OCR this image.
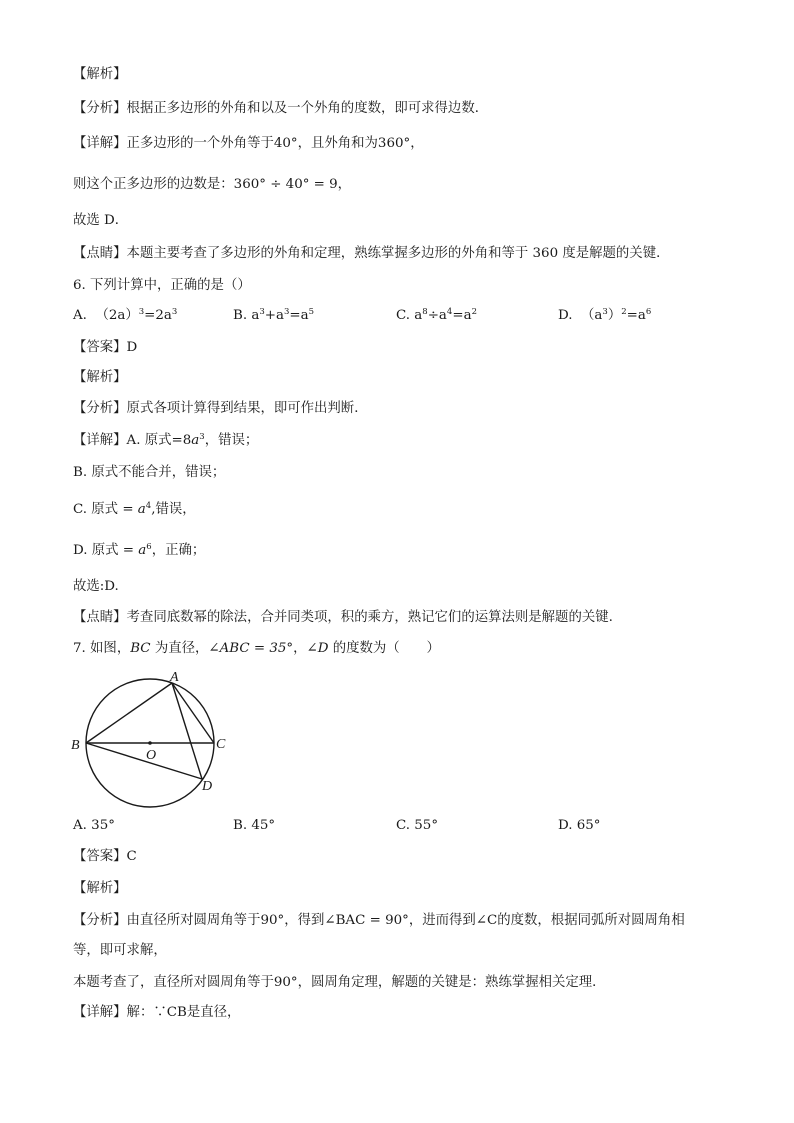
【解析】
【分析】根据正多边形的外角和以及一个外角的度数，即可求得边数．
【详解】正多边形的一个外角等于40°，且外角和为360°，
则这个正多边形的边数是：360° ÷ 40° = 9，
故选 D．
【点睛】本题主要考查了多边形的外角和定理，熟练掌握多边形的外角和等于 360 度是解题的关键．
6. 下列计算中，正确的是（）
A. $(2a)^3=2a^3$	B. $a^3+a^3=a^5$	C. $a^8\div a^4=a^2$	D. $(a^3)^2=a^6$
【答案】D
【解析】
【分析】原式各项计算得到结果，即可作出判断．
【详解】A. 原式$=8a^3$，错误；
B. 原式不能合并，错误；
C. 原式 = $a^4$,错误，
D. 原式 = $a^6$，正确；
故选:D.
【点睛】考查同底数幂的除法，合并同类项，积的乘方，熟记它们的运算法则是解题的关键.
7. 如图，BC 为直径，∠ABC = 35°，∠D 的度数为（　　）
A
B	C
D
O
A. 35°	B. 45°	C. 55°	D. 65°
【答案】C
【解析】
【分析】由直径所对圆周角等于90°，得到∠BAC = 90°，进而得到∠C的度数，根据同弧所对圆周角相
等，即可求解，
本题考查了，直径所对圆周角等于90°，圆周角定理，解题的关键是：熟练掌握相关定理．
【详解】解：∵CB是直径，
